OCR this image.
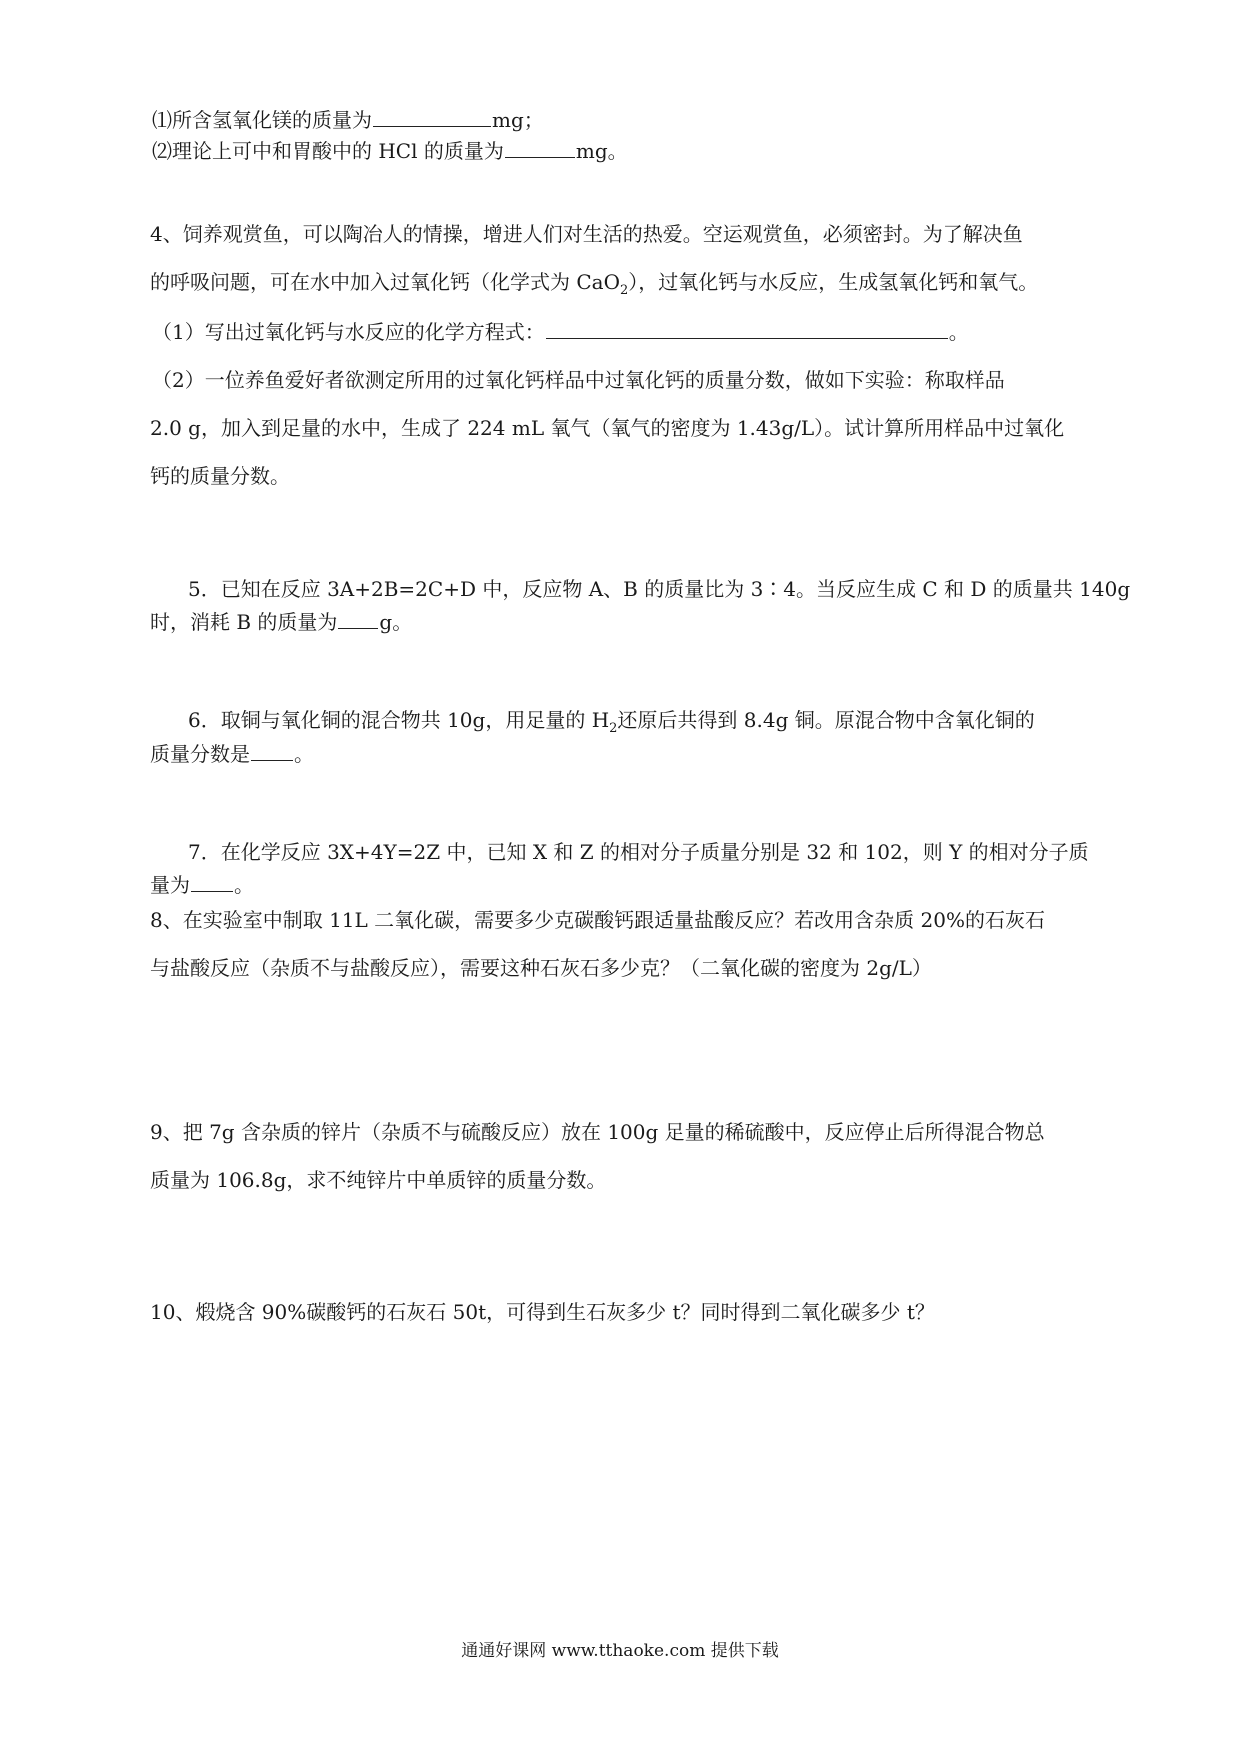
⑴所含氢氧化镁的质量为	mg；
⑵理论上可中和胃酸中的 HCl 的质量为	mg。
4、饲养观赏鱼，可以陶冶人的情操，增进人们对生活的热爱。空运观赏鱼，必须密封。为了解决鱼
的呼吸问题，可在水中加入过氧化钙（化学式为 CaO$_2$），过氧化钙与水反应，生成氢氧化钙和氧气。
（1）写出过氧化钙与水反应的化学方程式：	。
（2）一位养鱼爱好者欲测定所用的过氧化钙样品中过氧化钙的质量分数，做如下实验：称取样品
2.0 g，加入到足量的水中，生成了 224 mL 氧气（氧气的密度为 1.43g/L）。试计算所用样品中过氧化
钙的质量分数。
5．已知在反应 3A+2B=2C+D 中，反应物 A、B 的质量比为 3∶4。当反应生成 C 和 D 的质量共 140g
时，消耗 B 的质量为 g。
6．取铜与氧化铜的混合物共 10g，用足量的 $H_2$还原后共得到 8.4g 铜。原混合物中含氧化铜的
质量分数是 。
7．在化学反应 3X+4Y=2Z 中，已知 X 和 Z 的相对分子质量分别是 32 和 102，则 Y 的相对分子质
量为 。
8、在实验室中制取 11L 二氧化碳，需要多少克碳酸钙跟适量盐酸反应？若改用含杂质 20%的石灰石
与盐酸反应（杂质不与盐酸反应），需要这种石灰石多少克？（二氧化碳的密度为 2g/L）
9、把 7g 含杂质的锌片（杂质不与硫酸反应）放在 100g 足量的稀硫酸中，反应停止后所得混合物总
质量为 106.8g，求不纯锌片中单质锌的质量分数。
10、煅烧含 90%碳酸钙的石灰石 50t，可得到生石灰多少 t？同时得到二氧化碳多少 t？
通通好课网 www.tthaoke.com 提供下载
